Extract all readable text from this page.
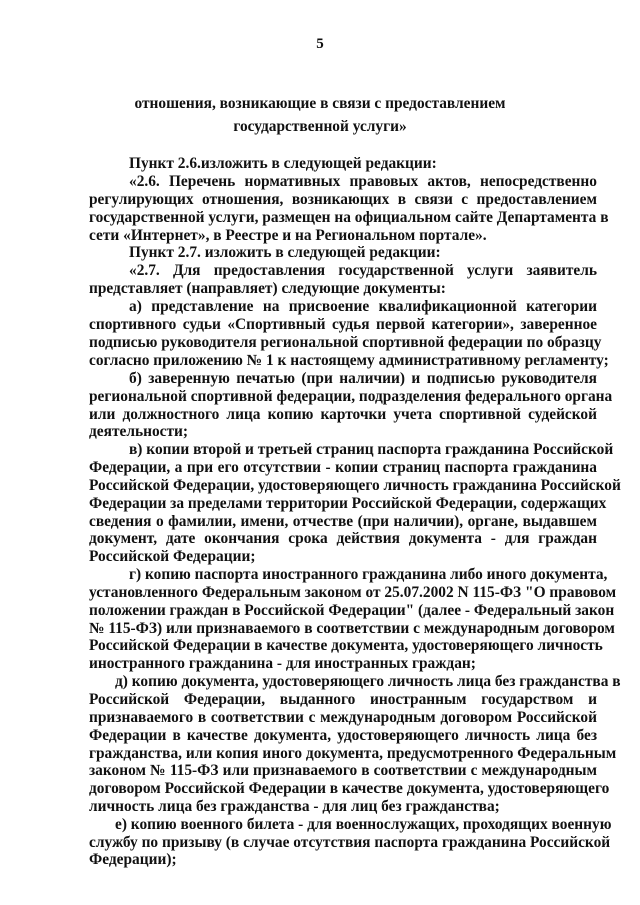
5
отношения, возникающие в связи с предоставлением
государственной услуги»
Пункт 2.6.изложить в следующей редакции:
«2.6. Перечень нормативных правовых актов, непосредственно
регулирующих отношения, возникающих в связи с предоставлением
государственной услуги, размещен на официальном сайте Департамента в
сети «Интернет», в Реестре и на Региональном портале».
Пункт 2.7. изложить в следующей редакции:
«2.7. Для предоставления государственной услуги заявитель
представляет (направляет) следующие документы:
а) представление на присвоение квалификационной категории
спортивного судьи «Спортивный судья первой категории», заверенное
подписью руководителя региональной спортивной федерации по образцу
согласно приложению № 1 к настоящему административному регламенту;
б) заверенную печатью (при наличии) и подписью руководителя
региональной спортивной федерации, подразделения федерального органа
или должностного лица копию карточки учета спортивной судейской
деятельности;
в) копии второй и третьей страниц паспорта гражданина Российской
Федерации, а при его отсутствии - копии страниц паспорта гражданина
Российской Федерации, удостоверяющего личность гражданина Российской
Федерации за пределами территории Российской Федерации, содержащих
сведения о фамилии, имени, отчестве (при наличии), органе, выдавшем
документ, дате окончания срока действия документа - для граждан
Российской Федерации;
г) копию паспорта иностранного гражданина либо иного документа,
установленного Федеральным законом от 25.07.2002 N 115-ФЗ "О правовом
положении граждан в Российской Федерации" (далее - Федеральный закон
№ 115-ФЗ) или признаваемого в соответствии с международным договором
Российской Федерации в качестве документа, удостоверяющего личность
иностранного гражданина - для иностранных граждан;
д) копию документа, удостоверяющего личность лица без гражданства в
Российской Федерации, выданного иностранным государством и
признаваемого в соответствии с международным договором Российской
Федерации в качестве документа, удостоверяющего личность лица без
гражданства, или копия иного документа, предусмотренного Федеральным
законом № 115-ФЗ или признаваемого в соответствии с международным
договором Российской Федерации в качестве документа, удостоверяющего
личность лица без гражданства - для лиц без гражданства;
е) копию военного билета - для военнослужащих, проходящих военную
службу по призыву (в случае отсутствия паспорта гражданина Российской
Федерации);
